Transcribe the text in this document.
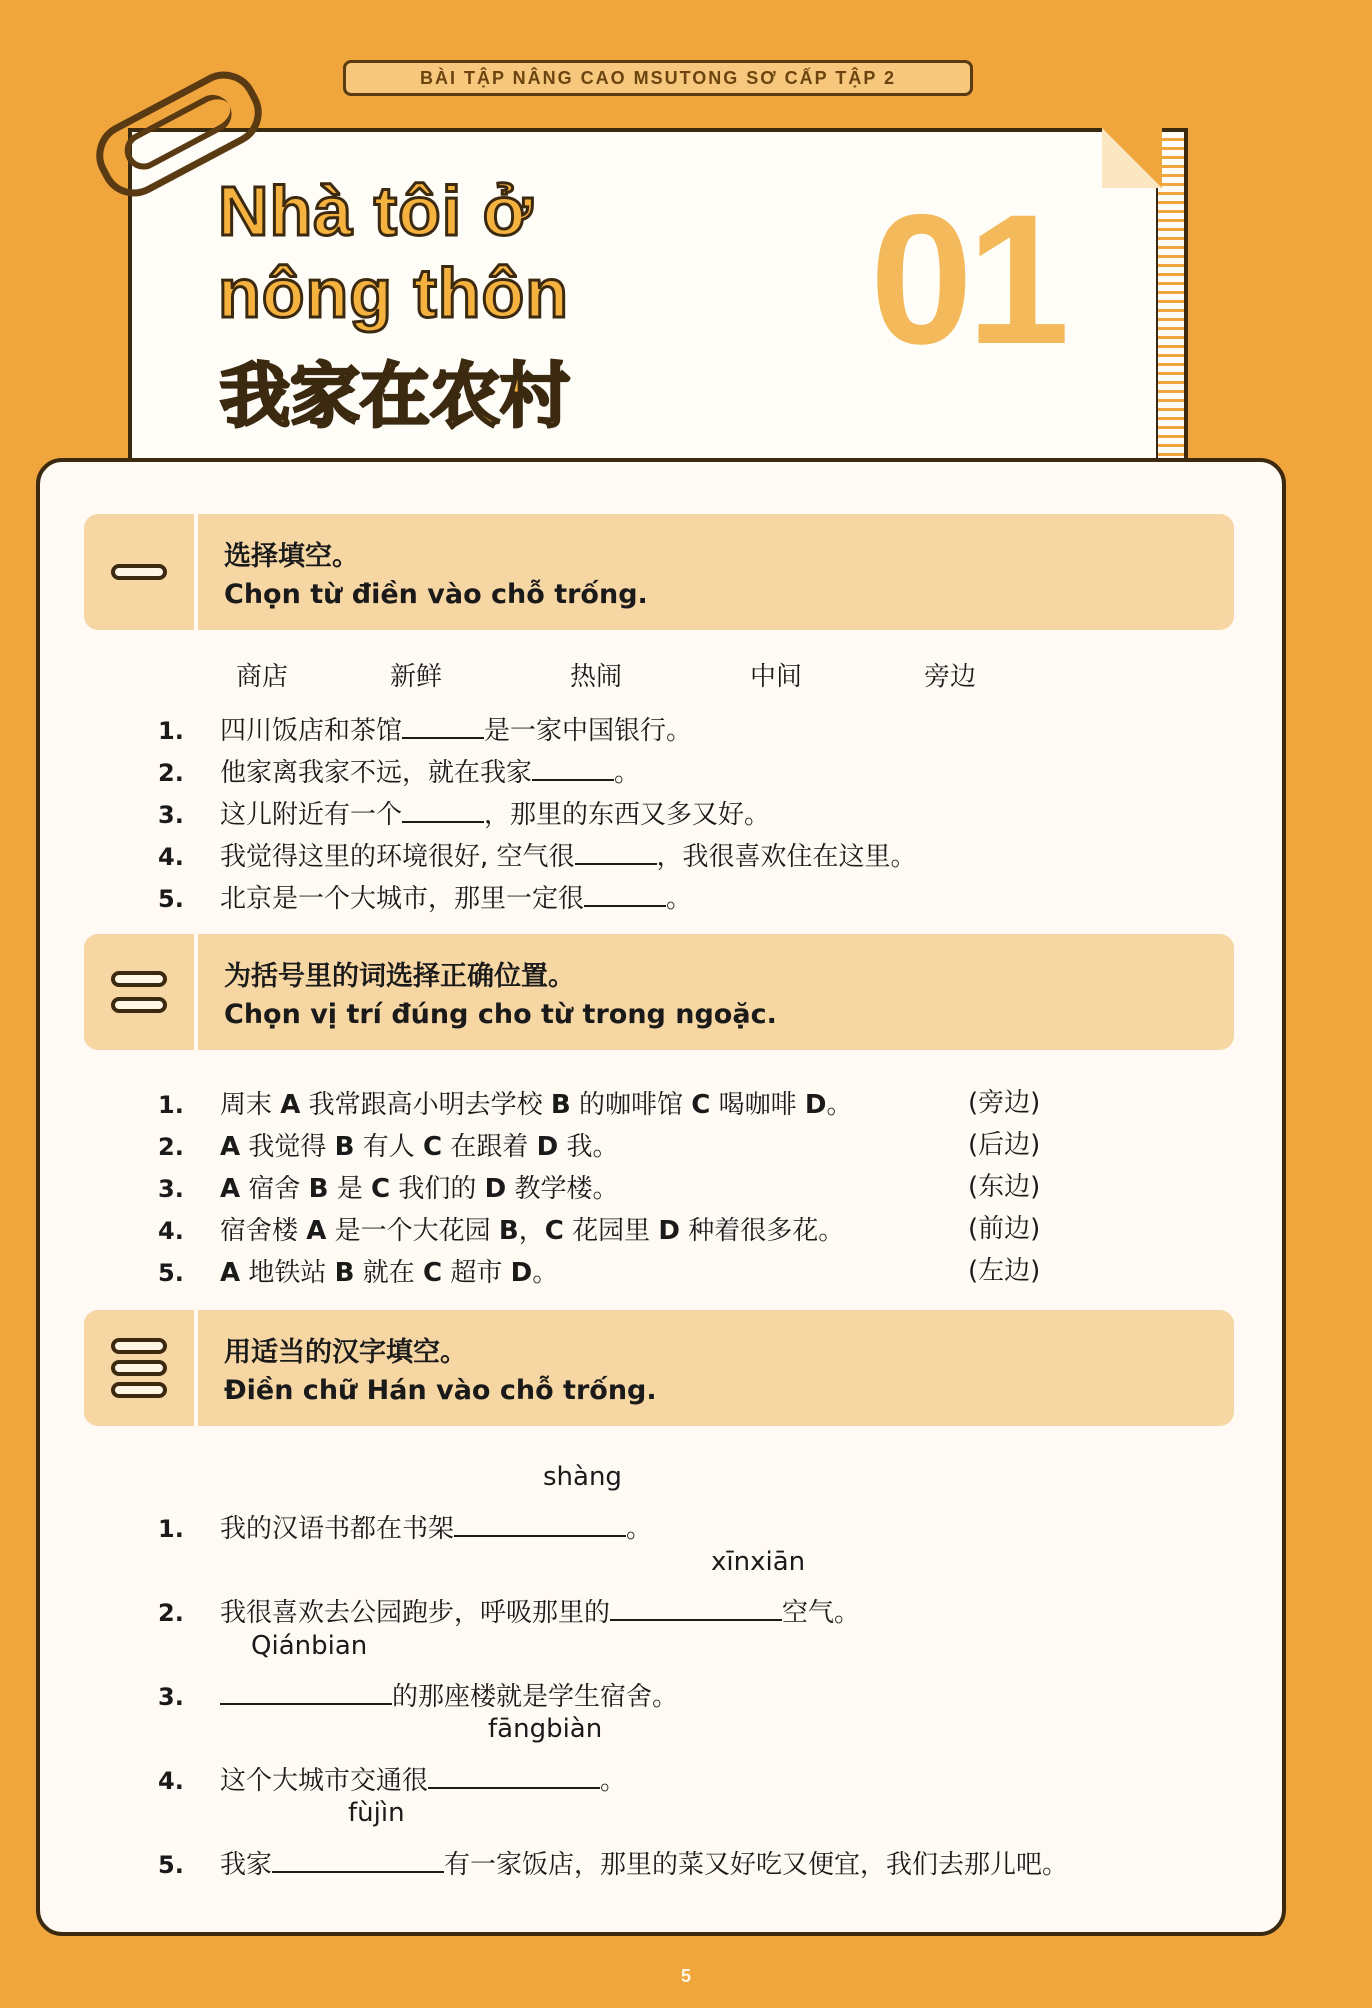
BÀI TẬP NÂNG CAO MSUTONG SƠ CẤP TẬP 2
Nhà tôi ở
nông thôn
我家在农村
01
选择填空。
Chọn từ điền vào chỗ trống.
商店	新鲜	热闹	中间	旁边
1. 四川饭店和茶馆	是一家中国银行。
2. 他家离我家不远，就在我家	。
3. 这儿附近有一个	，那里的东西又多又好。
4. 我觉得这里的环境很好, 空气很	，我很喜欢住在这里。
5. 北京是一个大城市，那里一定很	。
为括号里的词选择正确位置。
Chọn vị trí đúng cho từ trong ngoặc.
1. 周末 A 我常跟高小明去学校 B 的咖啡馆 C 喝咖啡 D。	(旁边)
2. A 我觉得 B 有人 C 在跟着 D 我。	(后边)
3. A 宿舍 B 是 C 我们的 D 教学楼。	(东边)
4. 宿舍楼 A 是一个大花园 B，C 花园里 D 种着很多花。	(前边)
5. A 地铁站 B 就在 C 超市 D。	(左边)
用适当的汉字填空。
Điền chữ Hán vào chỗ trống.
shàng
1. 我的汉语书都在书架	。
xīnxiān
2. 我很喜欢去公园跑步，呼吸那里的	空气。
Qiánbian
3.	的那座楼就是学生宿舍。
fāngbiàn
4. 这个大城市交通很	。
fùjìn
5. 我家	有一家饭店，那里的菜又好吃又便宜，我们去那儿吧。
5
